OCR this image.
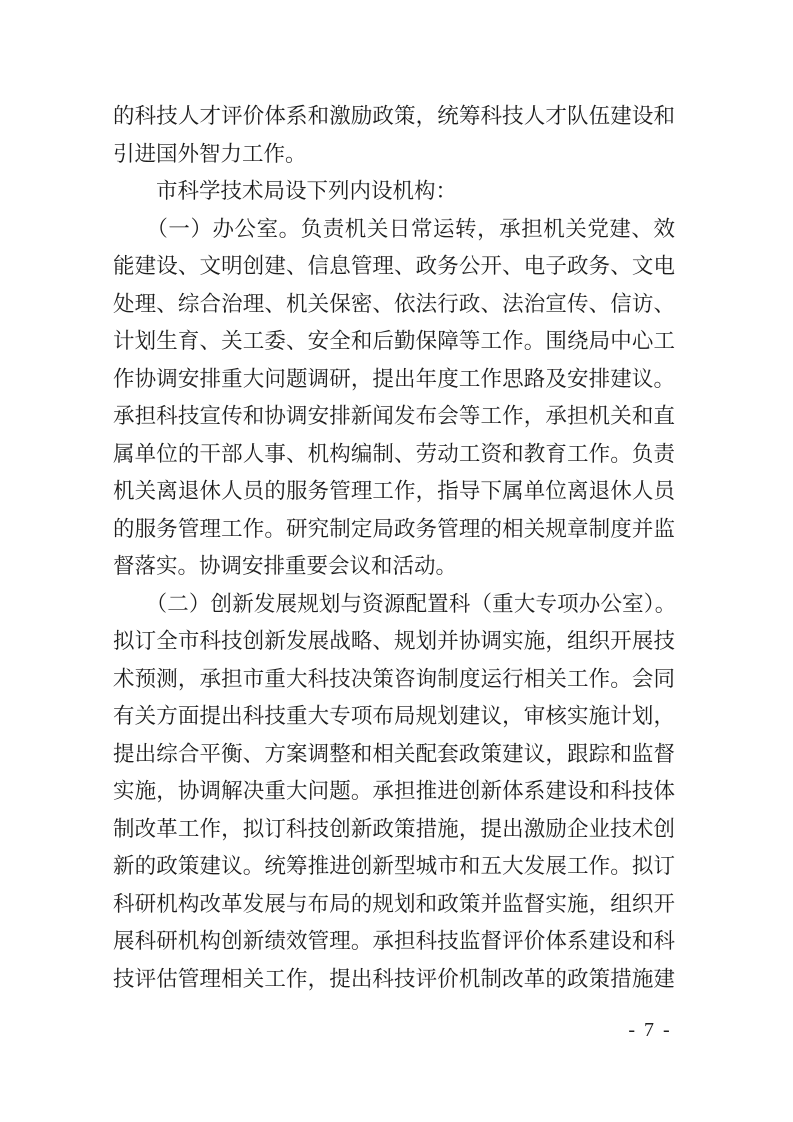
的科技人才评价体系和激励政策，统筹科技人才队伍建设和
引进国外智力工作。
　　市科学技术局设下列内设机构：
　　（一）办公室。负责机关日常运转，承担机关党建、效
能建设、文明创建、信息管理、政务公开、电子政务、文电
处理、综合治理、机关保密、依法行政、法治宣传、信访、
计划生育、关工委、安全和后勤保障等工作。围绕局中心工
作协调安排重大问题调研，提出年度工作思路及安排建议。
承担科技宣传和协调安排新闻发布会等工作，承担机关和直
属单位的干部人事、机构编制、劳动工资和教育工作。负责
机关离退休人员的服务管理工作，指导下属单位离退休人员
的服务管理工作。研究制定局政务管理的相关规章制度并监
督落实。协调安排重要会议和活动。
　　（二）创新发展规划与资源配置科（重大专项办公室）。
拟订全市科技创新发展战略、规划并协调实施，组织开展技
术预测，承担市重大科技决策咨询制度运行相关工作。会同
有关方面提出科技重大专项布局规划建议，审核实施计划，
提出综合平衡、方案调整和相关配套政策建议，跟踪和监督
实施，协调解决重大问题。承担推进创新体系建设和科技体
制改革工作，拟订科技创新政策措施，提出激励企业技术创
新的政策建议。统筹推进创新型城市和五大发展工作。拟订
科研机构改革发展与布局的规划和政策并监督实施，组织开
展科研机构创新绩效管理。承担科技监督评价体系建设和科
技评估管理相关工作，提出科技评价机制改革的政策措施建
- 7 -
